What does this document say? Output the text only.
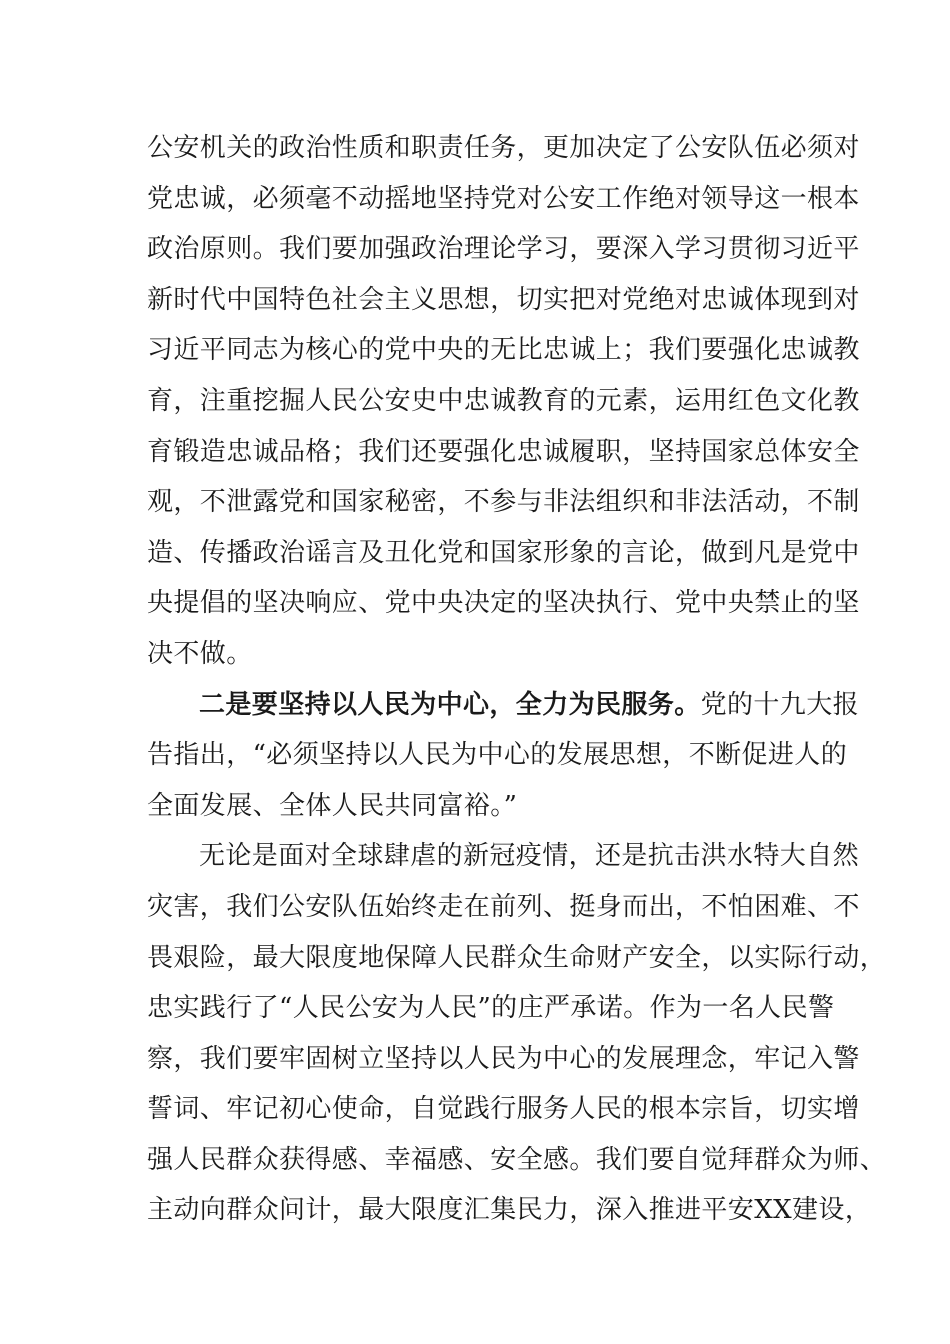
公安机关的政治性质和职责任务，更加决定了公安队伍必须对
党忠诚，必须毫不动摇地坚持党对公安工作绝对领导这一根本
政治原则。我们要加强政治理论学习，要深入学习贯彻习近平
新时代中国特色社会主义思想，切实把对党绝对忠诚体现到对
习近平同志为核心的党中央的无比忠诚上；我们要强化忠诚教
育，注重挖掘人民公安史中忠诚教育的元素，运用红色文化教
育锻造忠诚品格；我们还要强化忠诚履职，坚持国家总体安全
观，不泄露党和国家秘密，不参与非法组织和非法活动，不制
造、传播政治谣言及丑化党和国家形象的言论，做到凡是党中
央提倡的坚决响应、党中央决定的坚决执行、党中央禁止的坚
决不做。
二是要坚持以人民为中心，全力为民服务。党的十九大报
告指出，“必须坚持以人民为中心的发展思想，不断促进人的
全面发展、全体人民共同富裕。”
无论是面对全球肆虐的新冠疫情，还是抗击洪水特大自然
灾害，我们公安队伍始终走在前列、挺身而出，不怕困难、不
畏艰险，最大限度地保障人民群众生命财产安全，以实际行动，
忠实践行了“人民公安为人民”的庄严承诺。作为一名人民警
察，我们要牢固树立坚持以人民为中心的发展理念，牢记入警
誓词、牢记初心使命，自觉践行服务人民的根本宗旨，切实增
强人民群众获得感、幸福感、安全感。我们要自觉拜群众为师、
主动向群众问计，最大限度汇集民力，深入推进平安XX建设，
